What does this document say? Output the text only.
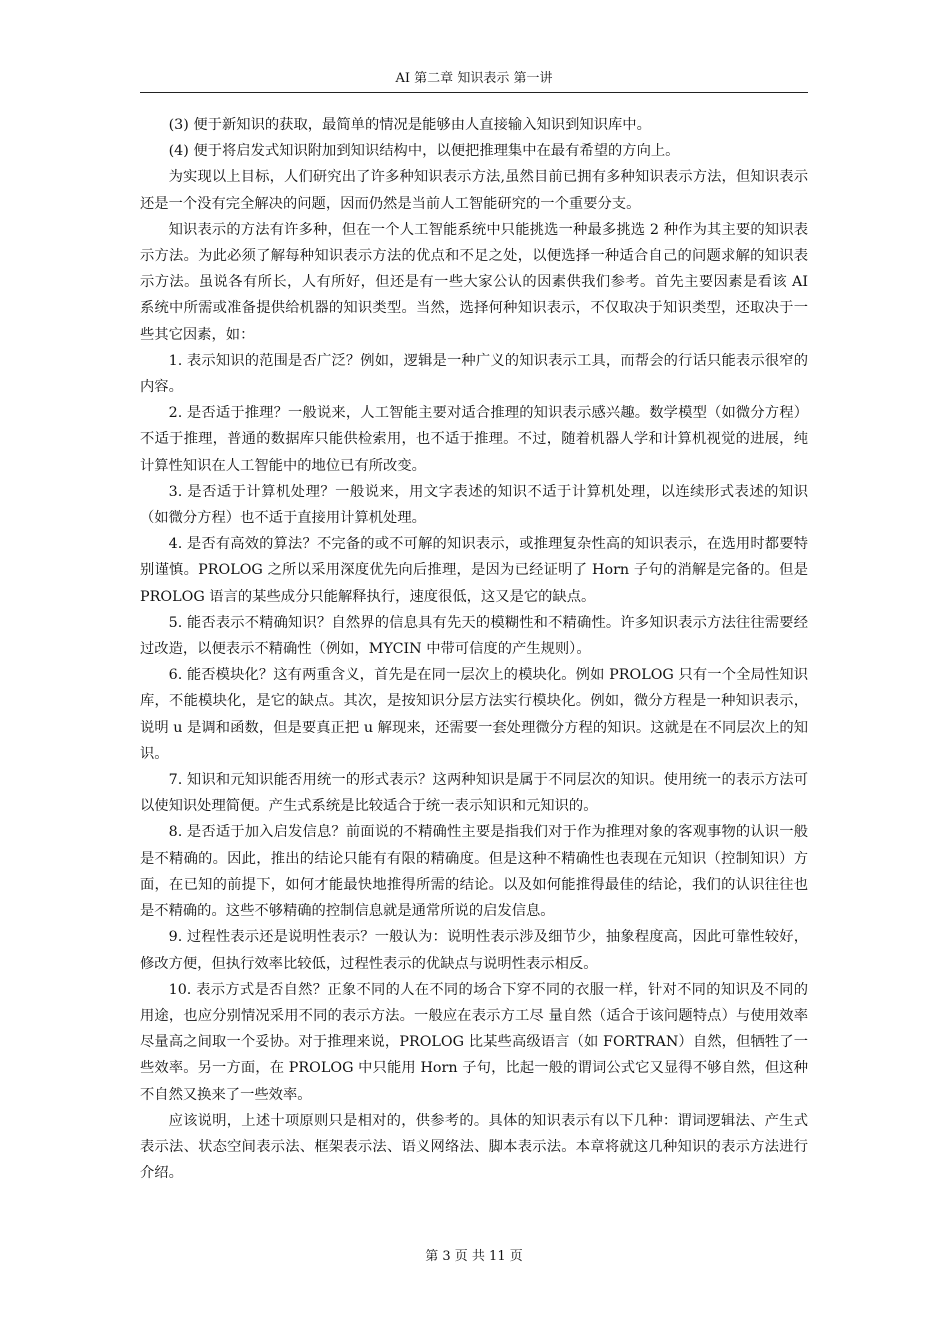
AI 第二章 知识表示 第一讲

(3) 便于新知识的获取，最简单的情况是能够由人直接输入知识到知识库中。

(4) 便于将启发式知识附加到知识结构中，以便把推理集中在最有希望的方向上。

为实现以上目标，人们研究出了许多种知识表示方法,虽然目前已拥有多种知识表示方法，但知识表示还是一个没有完全解决的问题，因而仍然是当前人工智能研究的一个重要分支。

知识表示的方法有许多种，但在一个人工智能系统中只能挑选一种最多挑选 2 种作为其主要的知识表示方法。为此必须了解每种知识表示方法的优点和不足之处，以便选择一种适合自己的问题求解的知识表示方法。虽说各有所长，人有所好，但还是有一些大家公认的因素供我们参考。首先主要因素是看该 AI 系统中所需或准备提供给机器的知识类型。当然，选择何种知识表示，不仅取决于知识类型，还取决于一些其它因素，如：

1. 表示知识的范围是否广泛？例如，逻辑是一种广义的知识表示工具，而帮会的行话只能表示很窄的内容。

2. 是否适于推理？一般说来，人工智能主要对适合推理的知识表示感兴趣。数学模型（如微分方程）不适于推理，普通的数据库只能供检索用，也不适于推理。不过，随着机器人学和计算机视觉的进展，纯计算性知识在人工智能中的地位已有所改变。

3. 是否适于计算机处理？一般说来，用文字表述的知识不适于计算机处理，以连续形式表述的知识（如微分方程）也不适于直接用计算机处理。

4. 是否有高效的算法？不完备的或不可解的知识表示，或推理复杂性高的知识表示，在选用时都要特别谨慎。PROLOG 之所以采用深度优先向后推理，是因为已经证明了 Horn 子句的消解是完备的。但是 PROLOG 语言的某些成分只能解释执行，速度很低，这又是它的缺点。

5. 能否表示不精确知识？自然界的信息具有先天的模糊性和不精确性。许多知识表示方法往往需要经过改造，以便表示不精确性（例如，MYCIN 中带可信度的产生规则）。

6. 能否模块化？这有两重含义，首先是在同一层次上的模块化。例如 PROLOG 只有一个全局性知识库，不能模块化，是它的缺点。其次，是按知识分层方法实行模块化。例如，微分方程是一种知识表示，说明 u 是调和函数，但是要真正把 u 解现来，还需要一套处理微分方程的知识。这就是在不同层次上的知识。

7. 知识和元知识能否用统一的形式表示？这两种知识是属于不同层次的知识。使用统一的表示方法可以使知识处理简便。产生式系统是比较适合于统一表示知识和元知识的。

8. 是否适于加入启发信息？前面说的不精确性主要是指我们对于作为推理对象的客观事物的认识一般是不精确的。因此，推出的结论只能有有限的精确度。但是这种不精确性也表现在元知识（控制知识）方面，在已知的前提下，如何才能最快地推得所需的结论。以及如何能推得最佳的结论，我们的认识往往也是不精确的。这些不够精确的控制信息就是通常所说的启发信息。

9. 过程性表示还是说明性表示？一般认为：说明性表示涉及细节少，抽象程度高，因此可靠性较好，修改方便，但执行效率比较低，过程性表示的优缺点与说明性表示相反。

10. 表示方式是否自然？正象不同的人在不同的场合下穿不同的衣服一样，针对不同的知识及不同的用途，也应分别情况采用不同的表示方法。一般应在表示方工尽 量自然（适合于该问题特点）与使用效率尽量高之间取一个妥协。对于推理来说，PROLOG 比某些高级语言（如 FORTRAN）自然，但牺牲了一些效率。另一方面，在 PROLOG 中只能用 Horn 子句，比起一般的谓词公式它又显得不够自然，但这种不自然又换来了一些效率。

应该说明，上述十项原则只是相对的，供参考的。具体的知识表示有以下几种：谓词逻辑法、产生式表示法、状态空间表示法、框架表示法、语义网络法、脚本表示法。本章将就这几种知识的表示方法进行介绍。

第 3 页 共 11 页
